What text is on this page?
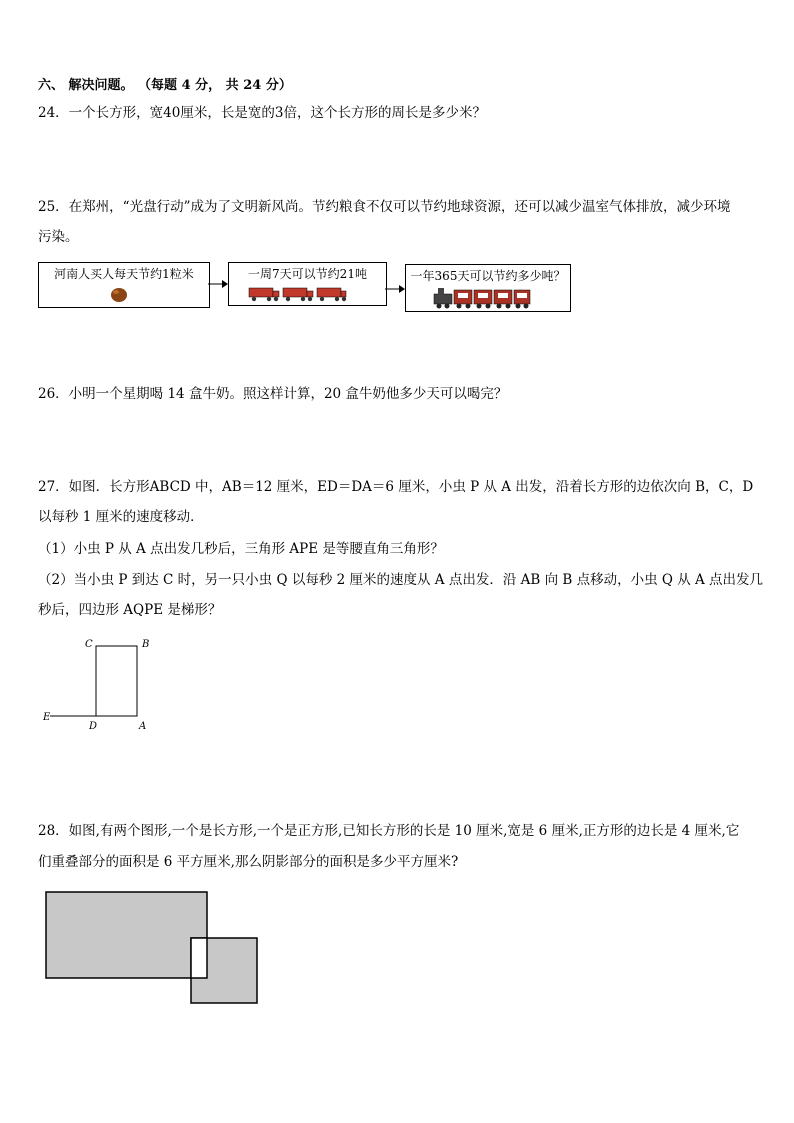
六、 解决问题。 （每题 4 分， 共 24 分）
24．一个长方形，宽40厘米，长是宽的3倍，这个长方形的周长是多少米？
25．在郑州，“光盘行动”成为了文明新风尚。节约粮食不仅可以节约地球资源，还可以减少温室气体排放，减少环境
污染。
河南人买人每天节约1粒米	一周7天可以节约21吨	一年365天可以节约多少吨？
26．小明一个星期喝 14 盒牛奶。照这样计算，20 盒牛奶他多少天可以喝完？
27．如图．长方形ABCD 中，AB＝12 厘米，ED＝DA＝6 厘米，小虫 P 从 A 出发，沿着长方形的边依次向 B，C，D
以每秒 1 厘米的速度移动．
（1）小虫 P 从 A 点出发几秒后，三角形 APE 是等腰直角三角形？
（2）当小虫 P 到达 C 时，另一只小虫 Q 以每秒 2 厘米的速度从 A 点出发．沿 AB 向 B 点移动，小虫 Q 从 A 点出发几
秒后，四边形 AQPE 是梯形？
C	B
E
D	A
28．如图,有两个图形,一个是长方形,一个是正方形,已知长方形的长是 10 厘米,宽是 6 厘米,正方形的边长是 4 厘米,它
们重叠部分的面积是 6 平方厘米,那么阴影部分的面积是多少平方厘米?
